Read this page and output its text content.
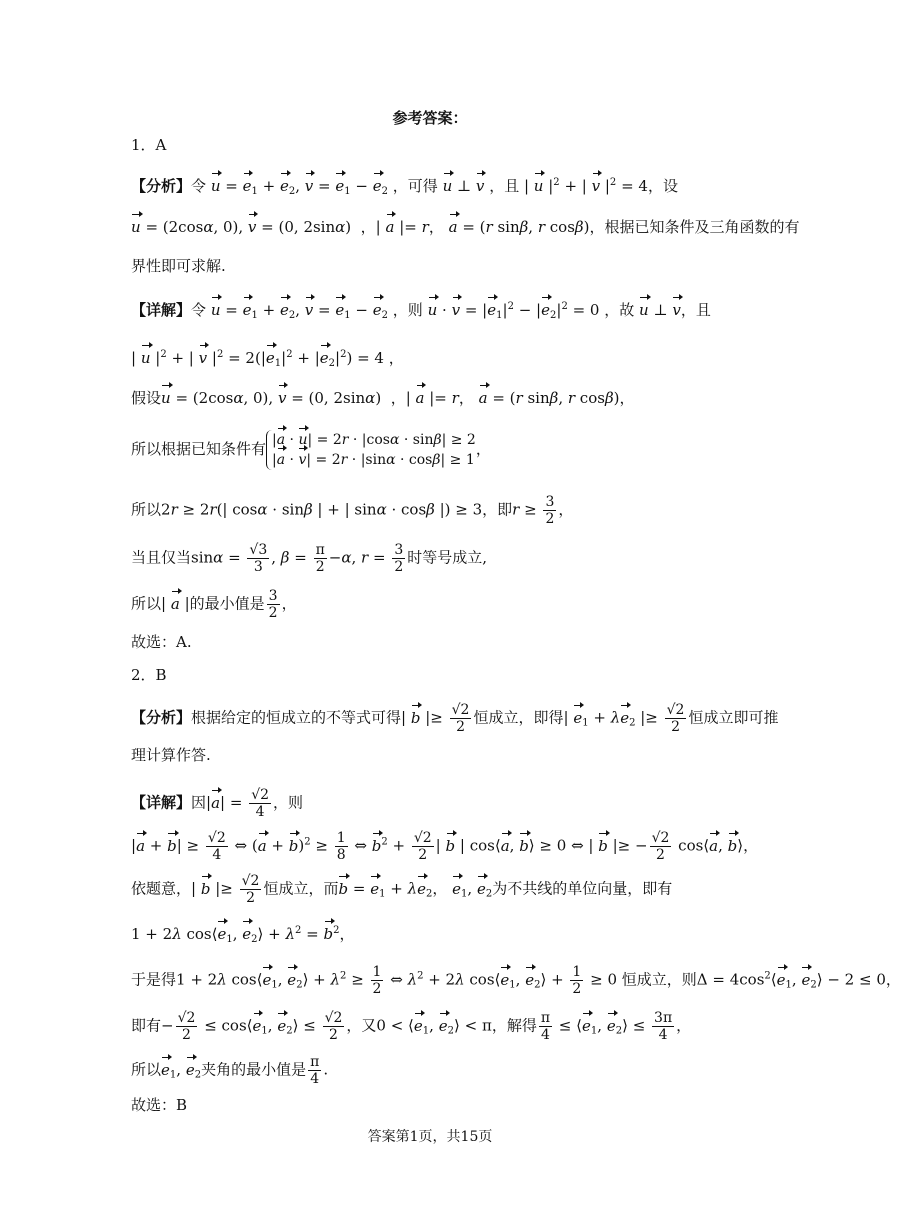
参考答案：
1．A
【分析】令 $u = e_1 + e_2$, $v = e_1 - e_2$ ，可得 u ⊥ v ，且 | u $|^2$ + | v $|^2 = 4$，设
u = (2cosα, 0), v = (0, 2sinα)  ，| a |= r， a = (r sinβ, r cosβ)，根据已知条件及三角函数的有
界性即可求解.
【详解】令 $u = e_1 + e_2$, $v = e_1 - e_2$ ，则 $u \cdot v = |e_1|^2 - |e_2|^2 = 0$ ，故 u ⊥ v，且
| u $|^2$ + | v $|^2 = 2(|e_1|^2 + |e_2|^2) = 4$ ，
假设u = (2cosα, 0), v = (0, 2sinα)  ，| a |= r， a = (r sinβ, r cosβ)，
所以根据已知条件有 |a · u| = 2r · |cosα · sinβ| ≥ 2
|a · v| = 2r · |sinα · cosβ| ≥ 1，
所以2r ≥ 2r(| cosα · sinβ | + | sinα · cosβ |) ≥ 3，即$r \ge \frac{3}{2}$ ，
当且仅当$\sin\alpha = \frac{√3}{3}$ , $\beta = \frac{\pi}{2} -\alpha$, $r = \frac{3}{2}$ 时等号成立,
所以| a |的最小值是 $\frac{3}{2}$ ，
故选：A.
2．B
【分析】根据给定的恒成立的不等式可得| b |≥ $\frac{√2}{2}$ 恒成立，即得| $e_1 + \lambda e_2$ |≥ $\frac{√2}{2}$ 恒成立即可推
理计算作答.
【详解】因$|a| = \frac{√2}{4}$ ，则
$|a + b| \ge \frac{√2}{4}$ ⇔ $(a + b)^2 \ge \frac{1}{8}$ ⇔ $b^2 + \frac{√2}{2}$ | b | cos⟨a, b⟩ ≥ 0 ⇔ | b |≥ − $\frac{√2}{2}$ cos⟨a, b⟩，
依题意，| b |≥ $\frac{√2}{2}$ 恒成立，而$b = e_1 + \lambda e_2$， $e_1$, $e_2$为不共线的单位向量，即有
1 + 2λ $\cos⟨e_1$, $e_2⟩ + \lambda^2 = b^2$，
于是得1 + 2λ $\cos⟨e_1$, $e_2⟩ + \lambda^2 \ge \frac{1}{2}$ ⇔ $\lambda^2 + 2\lambda$ $\cos⟨e_1$, $e_2⟩ + \frac{1}{2} \ge 0$ 恒成立，则$\Delta = 4\cos^2⟨e_1$, $e_2⟩ - 2 \le 0$，
即有− $\frac{√2}{2}$ ≤ $\cos⟨e_1$, $e_2⟩ \le \frac{√2}{2}$ ，又$0 < ⟨e_1$, $e_2⟩ < \pi$，解得 $\frac{\pi}{4}$ ≤ $⟨e_1$, $e_2⟩ \le \frac{3\pi}{4}$ ，
所以$e_1$, $e_2$夹角的最小值是 $\frac{\pi}{4}$ .
故选：B
答案第1页，共15页
